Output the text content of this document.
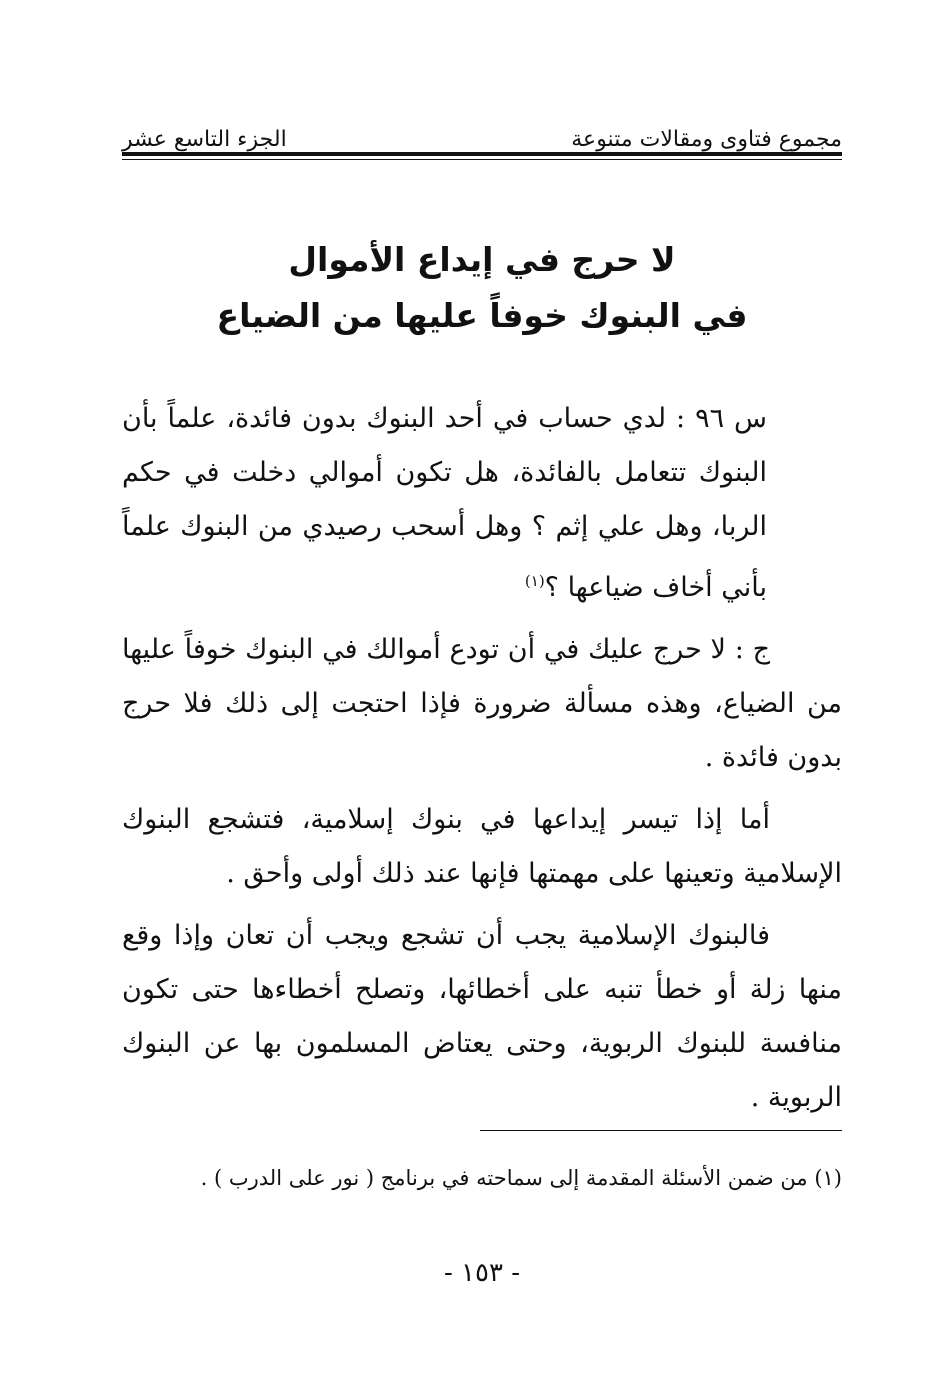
مجموع فتاوى ومقالات متنوعة
الجزء التاسع عشر
لا حرج في إيداع الأموال
في البنوك خوفاً عليها من الضياع

س ٩٦ : لدي حساب في أحد البنوك بدون فائدة، علماً بأن البنوك تتعامل بالفائدة، هل تكون أموالي دخلت في حكم الربا، وهل علي إثم ؟ وهل أسحب رصيدي من البنوك علماً بأني أخاف ضياعها ؟$^{(١)}$

ج : لا حرج عليك في أن تودع أموالك في البنوك خوفاً عليها من الضياع، وهذه مسألة ضرورة فإذا احتجت إلى ذلك فلا حرج بدون فائدة .

أما إذا تيسر إيداعها في بنوك إسلامية، فتشجع البنوك الإسلامية وتعينها على مهمتها فإنها عند ذلك أولى وأحق .

فالبنوك الإسلامية يجب أن تشجع ويجب أن تعان وإذا وقع منها زلة أو خطأ تنبه على أخطائها، وتصلح أخطاءها حتى تكون منافسة للبنوك الربوية، وحتى يعتاض المسلمون بها عن البنوك الربوية .

(١) من ضمن الأسئلة المقدمة إلى سماحته في برنامج ( نور على الدرب ) .
- ١٥٣ -
